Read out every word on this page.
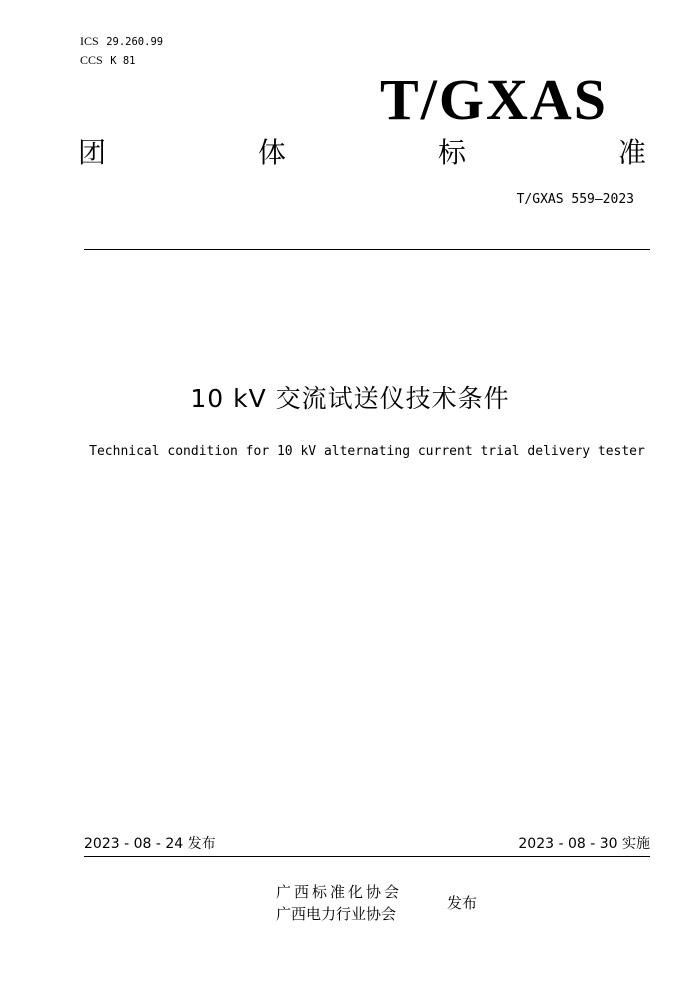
ICS 29.260.99
CCS K 81
T/GXAS
团	体	标	准
T/GXAS 559—2023
10 kV 交流试送仪技术条件
Technical condition for 10 kV alternating current trial delivery tester
2023 - 08 - 24 发布	2023 - 08 - 30 实施
广西标准化协会
广西电力行业协会
发布
